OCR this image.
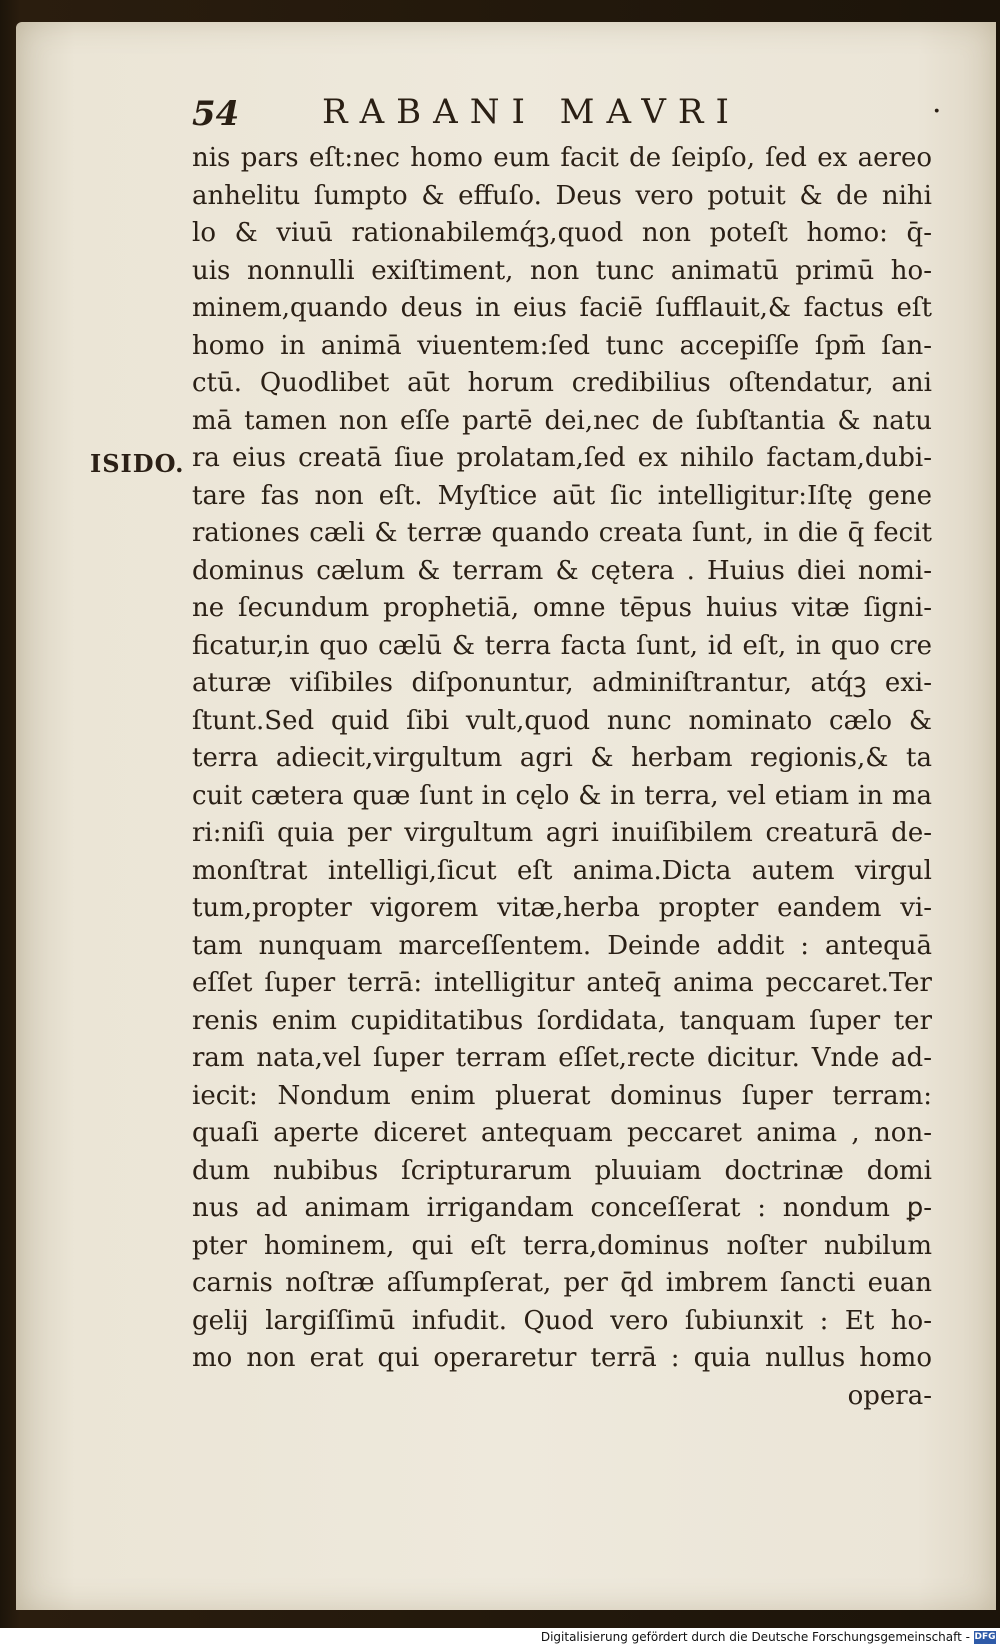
54 RABANI MAVRI	·
ISIDO.
nis pars eſt:nec homo eum facit de ſeipſo, ſed ex aereo
anhelitu ſumpto & effuſo. Deus vero potuit & de nihi
lo & viuū rationabilemq́ꝫ,quod non poteſt homo: q̄-
uis nonnulli exiſtiment, non tunc animatū primū ho-
minem,quando deus in eius faciē ſufflauit,& factus eſt
homo in animā viuentem:ſed tunc accepiſſe ſpm̄ ſan-
ctū. Quodlibet aūt horum credibilius oſtendatur, ani
mā tamen non eſſe partē dei,nec de ſubſtantia & natu
ra eius creatā ſiue prolatam,ſed ex nihilo factam,dubi-
tare fas non eſt. Myſtice aūt ſic intelligitur:Iſtę gene
rationes cæli & terræ quando creata ſunt, in die q̄ fecit
dominus cælum & terram & cętera . Huius diei nomi-
ne ſecundum prophetiā, omne tēpus huius vitæ ſigni-
ficatur,in quo cælū & terra facta ſunt, id eſt, in quo cre
aturæ viſibiles diſponuntur, adminiſtrantur, atq́ꝫ exi-
ſtunt.Sed quid ſibi vult,quod nunc nominato cælo &
terra adiecit,virgultum agri & herbam regionis,& ta
cuit cætera quæ ſunt in cęlo & in terra, vel etiam in ma
ri:niſi quia per virgultum agri inuiſibilem creaturā de-
monſtrat intelligi,ſicut eſt anima.Dicta autem virgul
tum,propter vigorem vitæ,herba propter eandem vi-
tam nunquam marceſſentem. Deinde addit : antequā
eſſet ſuper terrā: intelligitur anteq̄ anima peccaret.Ter
renis enim cupiditatibus ſordidata, tanquam ſuper ter
ram nata,vel ſuper terram eſſet,recte dicitur. Vnde ad-
iecit: Nondum enim pluerat dominus ſuper terram:
quaſi aperte diceret antequam peccaret anima , non-
dum nubibus ſcripturarum pluuiam doctrinæ domi
nus ad animam irrigandam conceſſerat : nondum ꝑ-
pter hominem, qui eſt terra,dominus noſter nubilum
carnis noſtræ aſſumpſerat, per q̄d imbrem ſancti euan
gelij largiſſimū infudit. Quod vero ſubiunxit : Et ho-
mo non erat qui operaretur terrā : quia nullus homo
opera-
Digitalisierung gefördert durch die Deutsche Forschungsgemeinschaft - DFG
